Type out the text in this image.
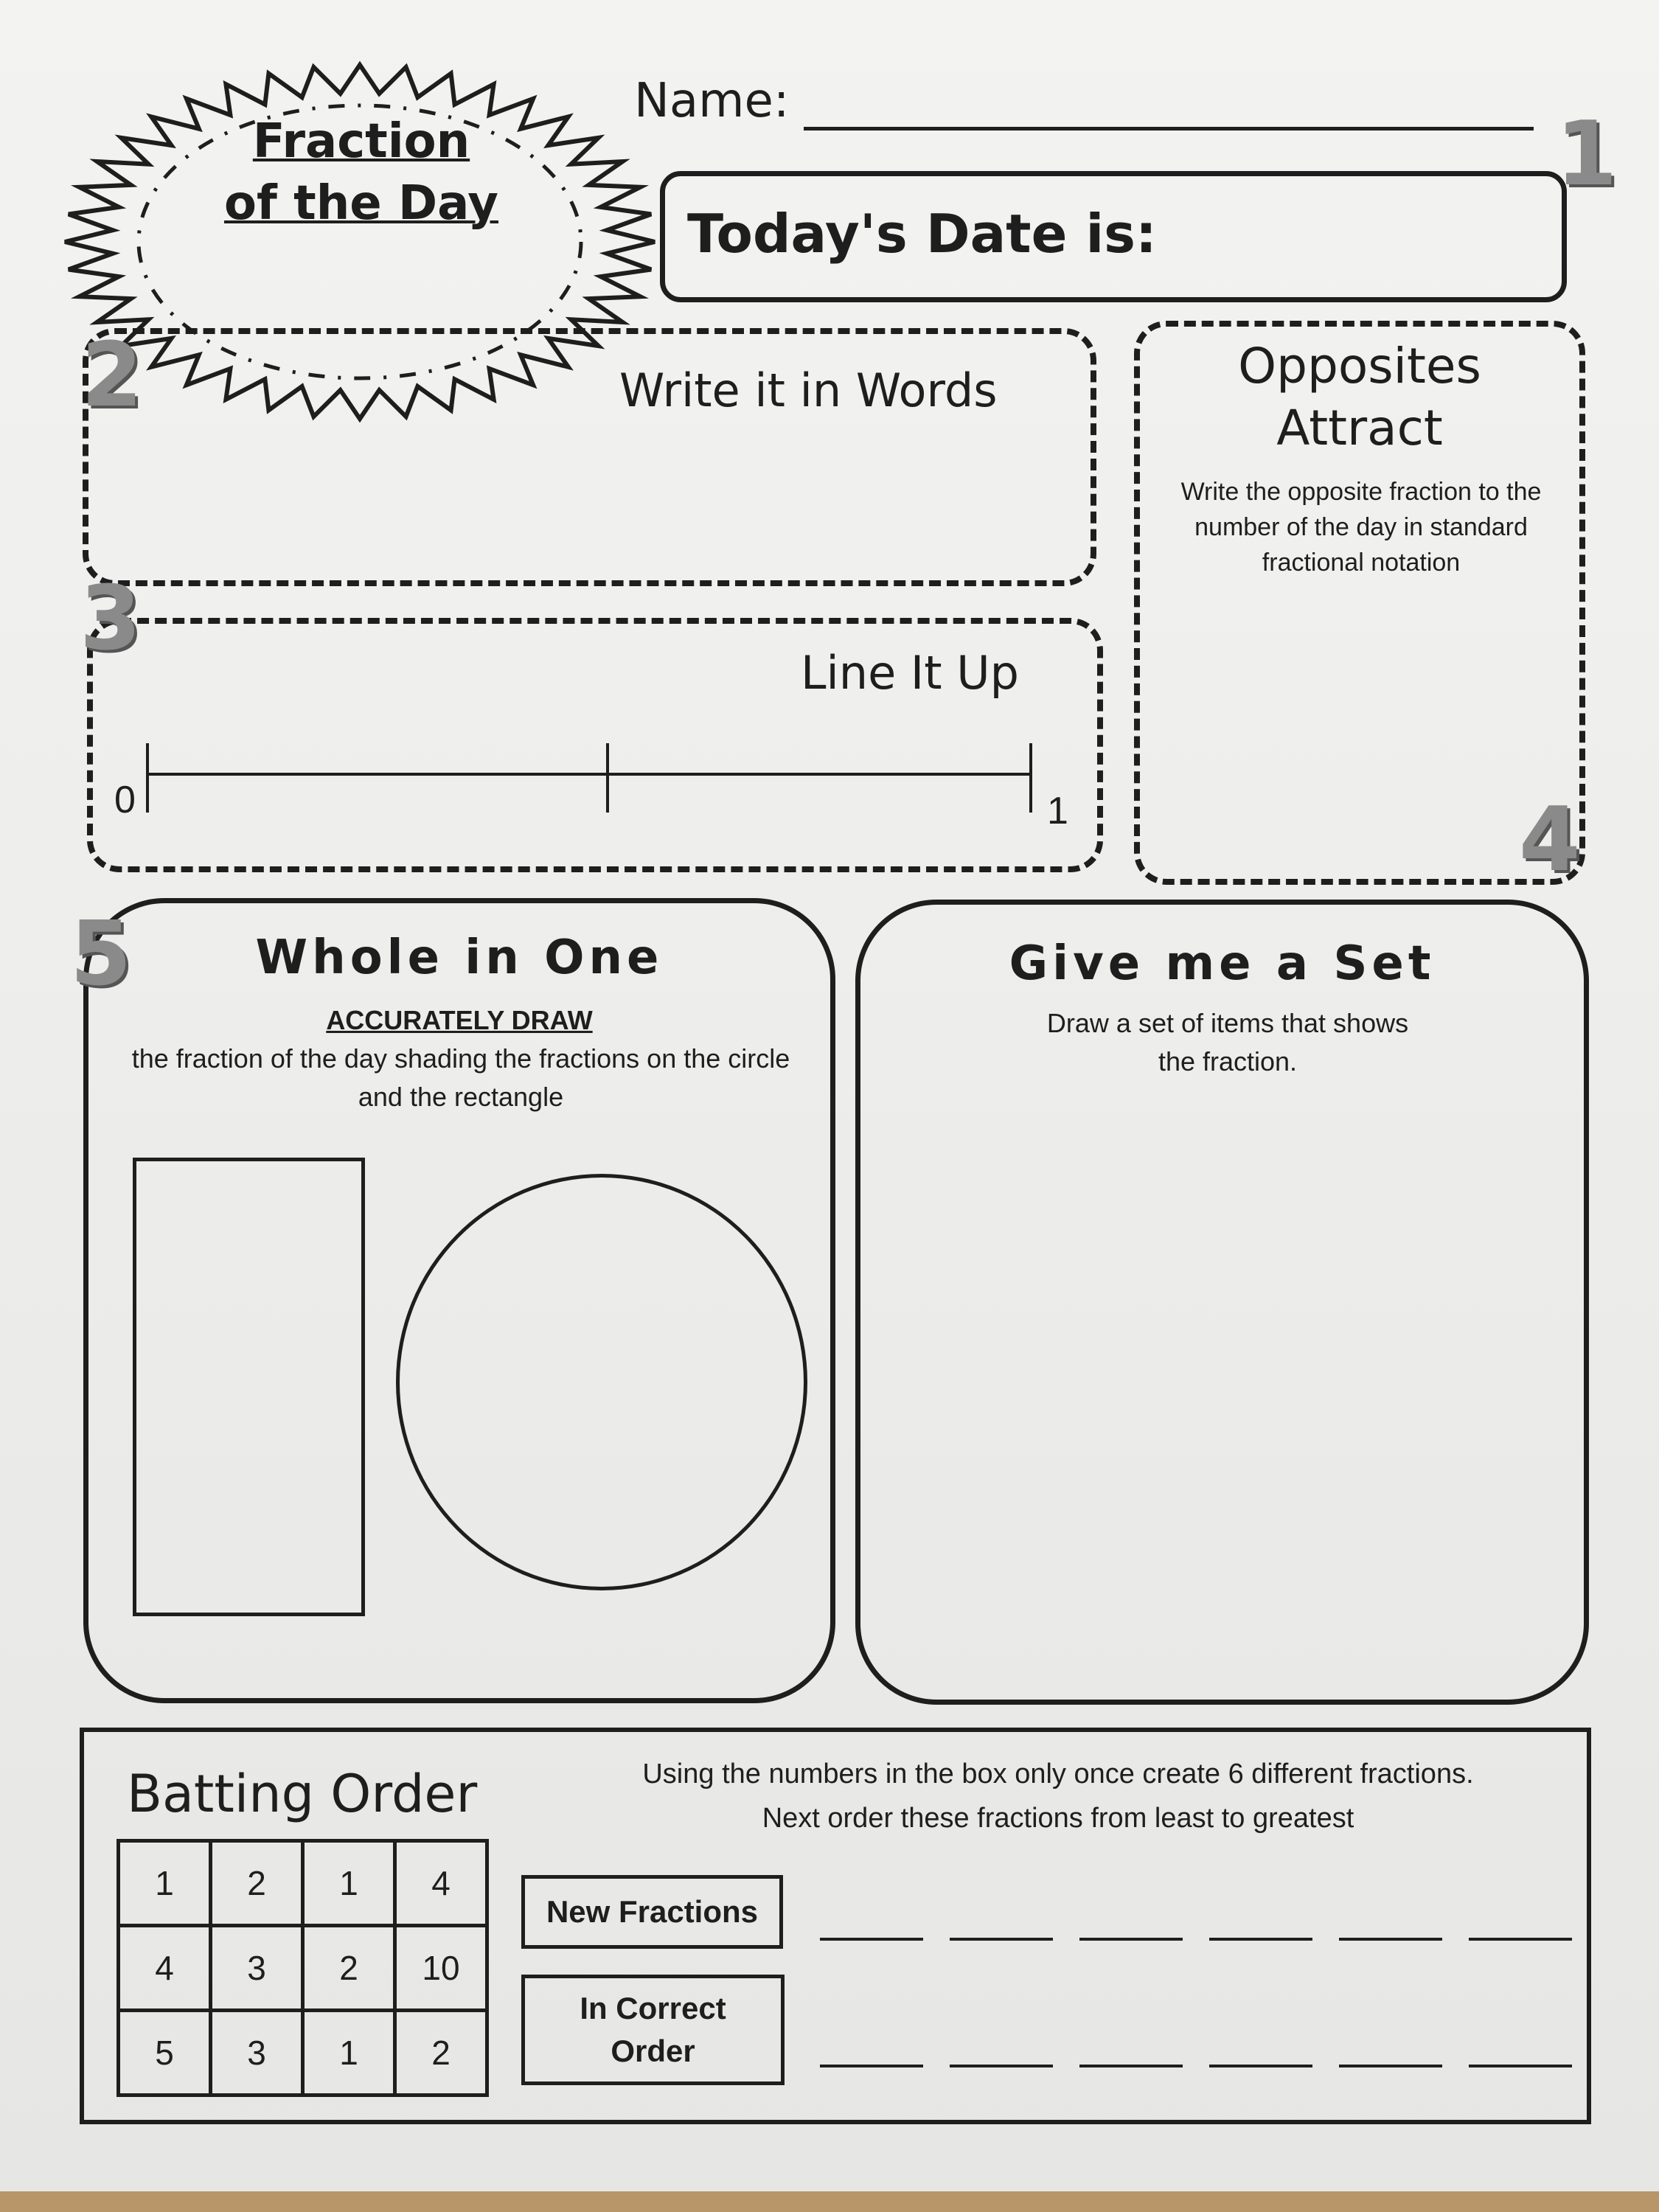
Fraction
of the Day
Name:
1
Today's Date is:
Write it in Words
2
Line It Up
3
0	1
Opposites
Attract
Write the opposite fraction to the number of the day in standard fractional notation
4
5	Whole in One
ACCURATELY DRAW
the fraction of the day shading the fractions on the circle and the rectangle
Give me a Set
Draw a set of items that shows the fraction.
Batting Order	Using the numbers in the box only once create 6 different fractions.
Next order these fractions from least to greatest
1	2	1	4
4	3	2	10
5	3	1	2
New Fractions
In Correct
Order
